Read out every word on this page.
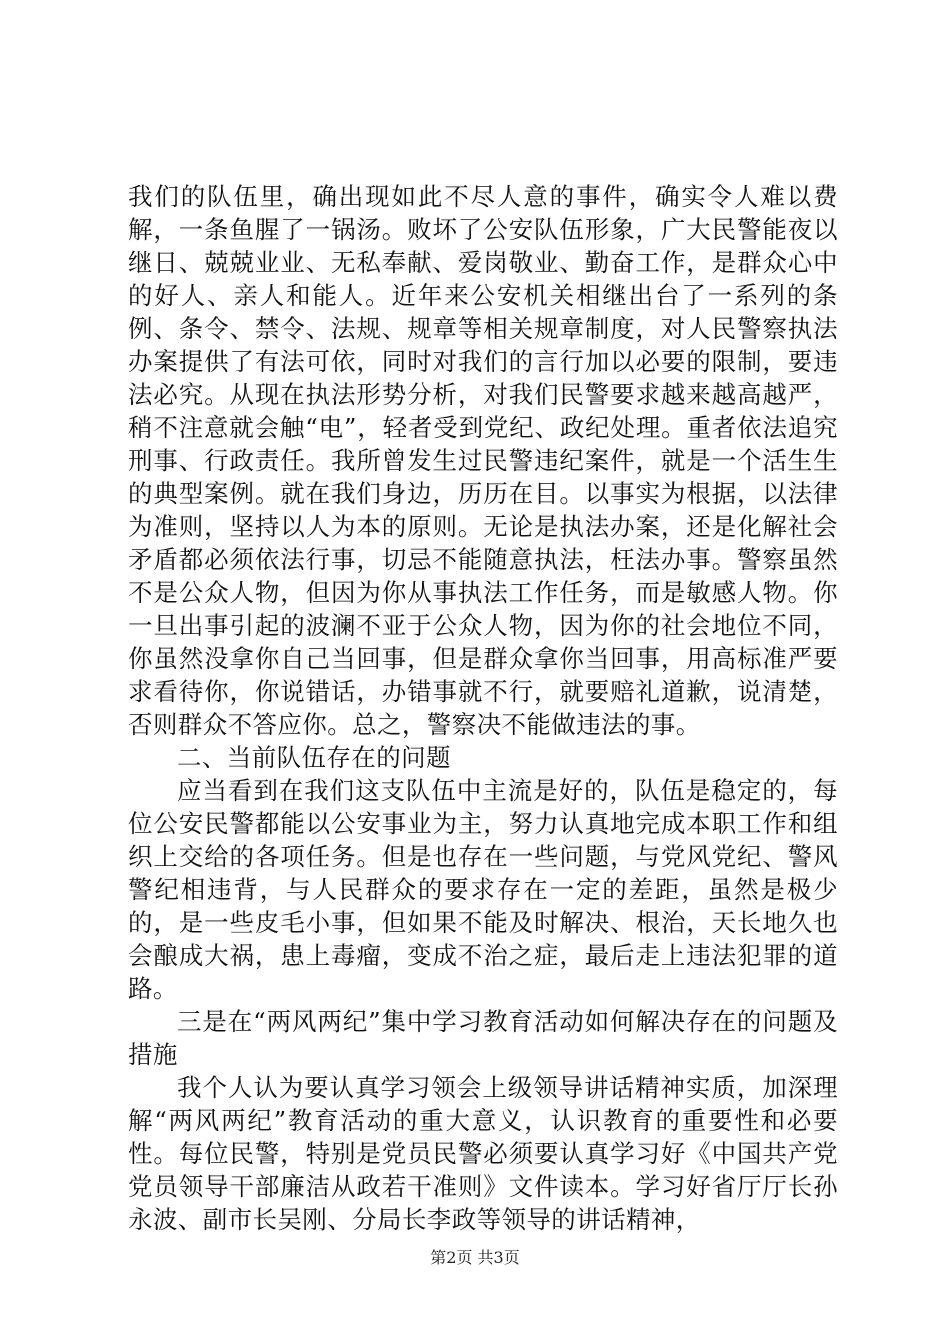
我们的队伍里，确出现如此不尽人意的事件，确实令人难以费解，一条鱼腥了一锅汤。败坏了公安队伍形象，广大民警能夜以继日、兢兢业业、无私奉献、爱岗敬业、勤奋工作，是群众心中的好人、亲人和能人。近年来公安机关相继出台了一系列的条例、条令、禁令、法规、规章等相关规章制度，对人民警察执法办案提供了有法可依，同时对我们的言行加以必要的限制，要违法必究。从现在执法形势分析，对我们民警要求越来越高越严，稍不注意就会触“电”，轻者受到党纪、政纪处理。重者依法追究刑事、行政责任。我所曾发生过民警违纪案件，就是一个活生生的典型案例。就在我们身边，历历在目。以事实为根据，以法律为准则，坚持以人为本的原则。无论是执法办案，还是化解社会矛盾都必须依法行事，切忌不能随意执法，枉法办事。警察虽然不是公众人物，但因为你从事执法工作任务，而是敏感人物。你一旦出事引起的波澜不亚于公众人物，因为你的社会地位不同，你虽然没拿你自己当回事，但是群众拿你当回事，用高标准严要求看待你，你说错话，办错事就不行，就要赔礼道歉，说清楚，否则群众不答应你。总之，警察决不能做违法的事。

二、当前队伍存在的问题

应当看到在我们这支队伍中主流是好的，队伍是稳定的，每位公安民警都能以公安事业为主，努力认真地完成本职工作和组织上交给的各项任务。但是也存在一些问题，与党风党纪、警风警纪相违背，与人民群众的要求存在一定的差距，虽然是极少的，是一些皮毛小事，但如果不能及时解决、根治，天长地久也会酿成大祸，患上毒瘤，变成不治之症，最后走上违法犯罪的道路。

三是在“两风两纪”集中学习教育活动如何解决存在的问题及措施

我个人认为要认真学习领会上级领导讲话精神实质，加深理解“两风两纪”教育活动的重大意义，认识教育的重要性和必要性。每位民警，特别是党员民警必须要认真学习好《中国共产党党员领导干部廉洁从政若干准则》文件读本。学习好省厅厅长孙永波、副市长吴刚、分局长李政等领导的讲话精神，

第2页 共3页
